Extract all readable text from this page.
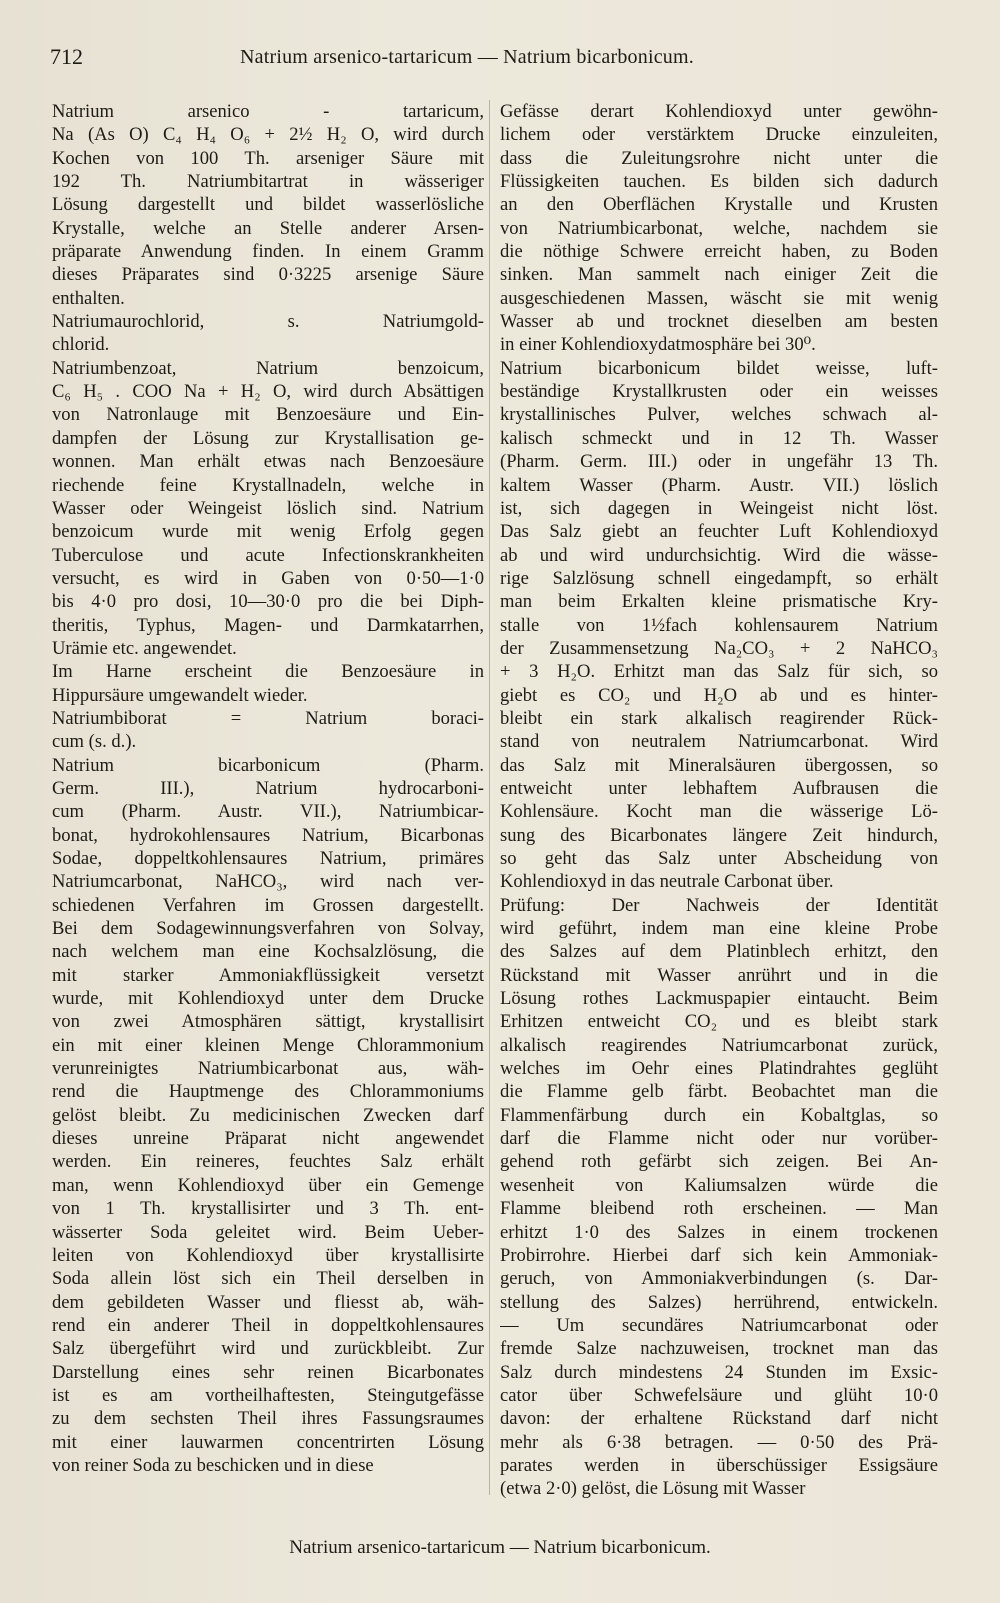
712	Natrium arsenico-tartaricum — Natrium bicarbonicum.
Natrium arsenico - tartaricum,
Na (As O) C₄ H₄ O₆ + 2½ H₂ O, wird durch
Kochen von 100 Th. arseniger Säure mit
192 Th. Natriumbitartrat in wässeriger
Lösung dargestellt und bildet wasserlösliche
Krystalle, welche an Stelle anderer Arsen-
präparate Anwendung finden. In einem Gramm
dieses Präparates sind 0·3225 arsenige Säure
enthalten.
Natriumaurochlorid, s. Natriumgold-
chlorid.
Natriumbenzoat, Natrium benzoicum,
C₆ H₅ . COO Na + H₂ O, wird durch Absättigen
von Natronlauge mit Benzoesäure und Ein-
dampfen der Lösung zur Krystallisation ge-
wonnen. Man erhält etwas nach Benzoesäure
riechende feine Krystallnadeln, welche in
Wasser oder Weingeist löslich sind. Natrium
benzoicum wurde mit wenig Erfolg gegen
Tuberculose und acute Infectionskrankheiten
versucht, es wird in Gaben von 0·50—1·0
bis 4·0 pro dosi, 10—30·0 pro die bei Diph-
theritis, Typhus, Magen- und Darmkatarrhen,
Urämie etc. angewendet.
Im Harne erscheint die Benzoesäure in
Hippursäure umgewandelt wieder.
Natriumbiborat = Natrium boraci-
cum (s. d.).
Natrium bicarbonicum (Pharm.
Germ. III.), Natrium hydrocarboni-
cum (Pharm. Austr. VII.), Natriumbicar-
bonat, hydrokohlensaures Natrium, Bicarbonas
Sodae, doppeltkohlensaures Natrium, primäres
Natriumcarbonat, NaHCO₃, wird nach ver-
schiedenen Verfahren im Grossen dargestellt.
Bei dem Sodagewinnungsverfahren von Solvay,
nach welchem man eine Kochsalzlösung, die
mit starker Ammoniakflüssigkeit versetzt
wurde, mit Kohlendioxyd unter dem Drucke
von zwei Atmosphären sättigt, krystallisirt
ein mit einer kleinen Menge Chlorammonium
verunreinigtes Natriumbicarbonat aus, wäh-
rend die Hauptmenge des Chlorammoniums
gelöst bleibt. Zu medicinischen Zwecken darf
dieses unreine Präparat nicht angewendet
werden. Ein reineres, feuchtes Salz erhält
man, wenn Kohlendioxyd über ein Gemenge
von 1 Th. krystallisirter und 3 Th. ent-
wässerter Soda geleitet wird. Beim Ueber-
leiten von Kohlendioxyd über krystallisirte
Soda allein löst sich ein Theil derselben in
dem gebildeten Wasser und fliesst ab, wäh-
rend ein anderer Theil in doppeltkohlensaures
Salz übergeführt wird und zurückbleibt. Zur
Darstellung eines sehr reinen Bicarbonates
ist es am vortheilhaftesten, Steingutgefässe
zu dem sechsten Theil ihres Fassungsraumes
mit einer lauwarmen concentrirten Lösung
von reiner Soda zu beschicken und in diese
Gefässe derart Kohlendioxyd unter gewöhn-
lichem oder verstärktem Drucke einzuleiten,
dass die Zuleitungsrohre nicht unter die
Flüssigkeiten tauchen. Es bilden sich dadurch
an den Oberflächen Krystalle und Krusten
von Natriumbicarbonat, welche, nachdem sie
die nöthige Schwere erreicht haben, zu Boden
sinken. Man sammelt nach einiger Zeit die
ausgeschiedenen Massen, wäscht sie mit wenig
Wasser ab und trocknet dieselben am besten
in einer Kohlendioxydatmosphäre bei 30⁰.
Natrium bicarbonicum bildet weisse, luft-
beständige Krystallkrusten oder ein weisses
krystallinisches Pulver, welches schwach al-
kalisch schmeckt und in 12 Th. Wasser
(Pharm. Germ. III.) oder in ungefähr 13 Th.
kaltem Wasser (Pharm. Austr. VII.) löslich
ist, sich dagegen in Weingeist nicht löst.
Das Salz giebt an feuchter Luft Kohlendioxyd
ab und wird undurchsichtig. Wird die wässe-
rige Salzlösung schnell eingedampft, so erhält
man beim Erkalten kleine prismatische Kry-
stalle von 1½fach kohlensaurem Natrium
der Zusammensetzung Na₂CO₃ + 2 NaHCO₃
+ 3 H₂O. Erhitzt man das Salz für sich, so
giebt es CO₂ und H₂O ab und es hinter-
bleibt ein stark alkalisch reagirender Rück-
stand von neutralem Natriumcarbonat. Wird
das Salz mit Mineralsäuren übergossen, so
entweicht unter lebhaftem Aufbrausen die
Kohlensäure. Kocht man die wässerige Lö-
sung des Bicarbonates längere Zeit hindurch,
so geht das Salz unter Abscheidung von
Kohlendioxyd in das neutrale Carbonat über.
Prüfung: Der Nachweis der Identität
wird geführt, indem man eine kleine Probe
des Salzes auf dem Platinblech erhitzt, den
Rückstand mit Wasser anrührt und in die
Lösung rothes Lackmuspapier eintaucht. Beim
Erhitzen entweicht CO₂ und es bleibt stark
alkalisch reagirendes Natriumcarbonat zurück,
welches im Oehr eines Platindrahtes geglüht
die Flamme gelb färbt. Beobachtet man die
Flammenfärbung durch ein Kobaltglas, so
darf die Flamme nicht oder nur vorüber-
gehend roth gefärbt sich zeigen. Bei An-
wesenheit von Kaliumsalzen würde die
Flamme bleibend roth erscheinen. — Man
erhitzt 1·0 des Salzes in einem trockenen
Probirrohre. Hierbei darf sich kein Ammoniak-
geruch, von Ammoniakverbindungen (s. Dar-
stellung des Salzes) herrührend, entwickeln.
— Um secundäres Natriumcarbonat oder
fremde Salze nachzuweisen, trocknet man das
Salz durch mindestens 24 Stunden im Exsic-
cator über Schwefelsäure und glüht 10·0
davon: der erhaltene Rückstand darf nicht
mehr als 6·38 betragen. — 0·50 des Prä-
parates werden in überschüssiger Essigsäure
(etwa 2·0) gelöst, die Lösung mit Wasser
Natrium arsenico-tartaricum — Natrium bicarbonicum.
